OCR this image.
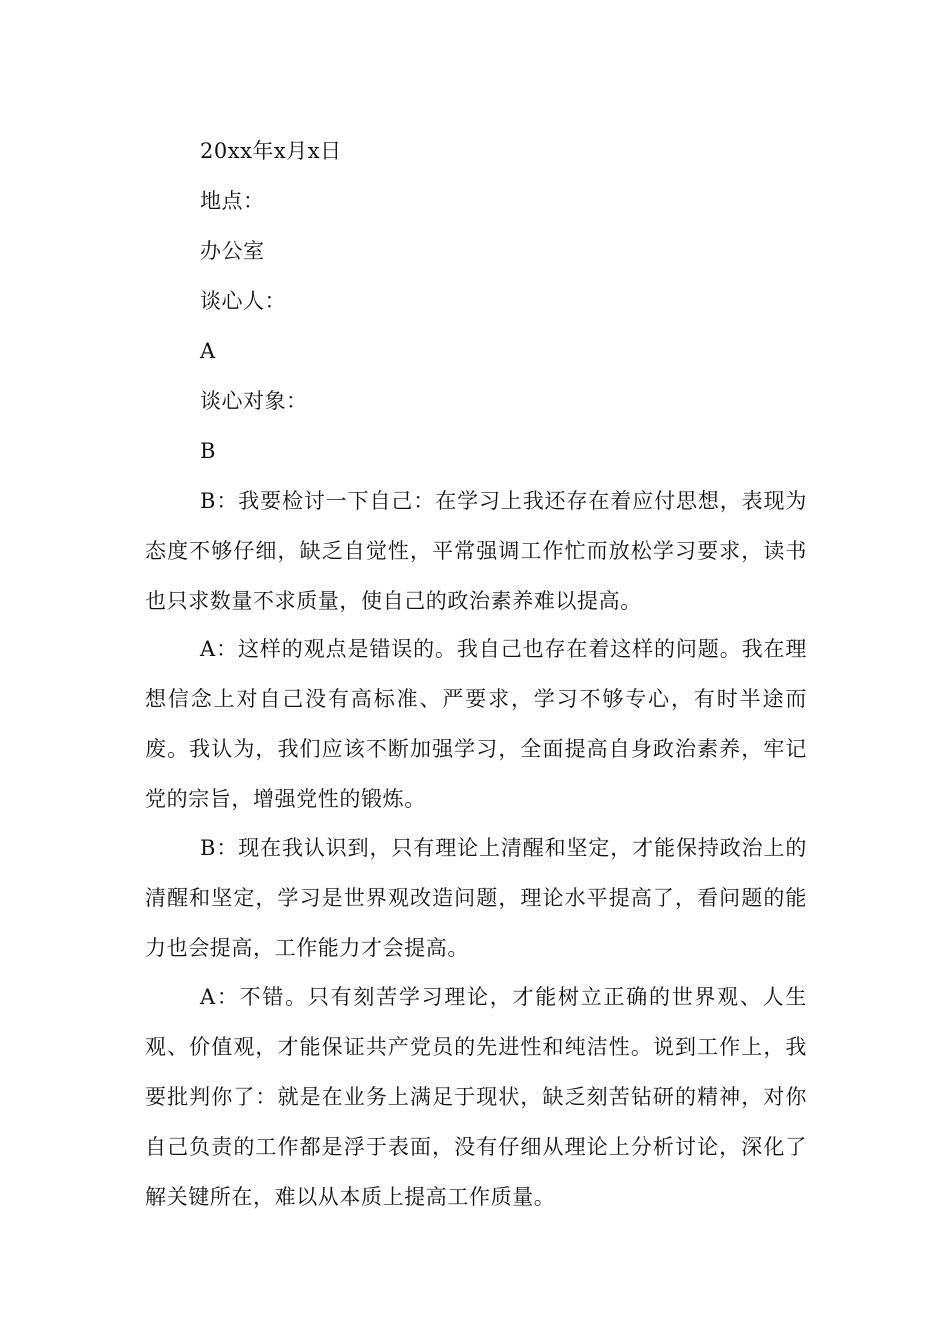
20xx年x月x日
地点：
办公室
谈心人：
A
谈心对象：
B

B：我要检讨一下自己：在学习上我还存在着应付思想，表现为态度不够仔细，缺乏自觉性，平常强调工作忙而放松学习要求，读书也只求数量不求质量，使自己的政治素养难以提高。

A：这样的观点是错误的。我自己也存在着这样的问题。我在理想信念上对自己没有高标准、严要求，学习不够专心，有时半途而废。我认为，我们应该不断加强学习，全面提高自身政治素养，牢记党的宗旨，增强党性的锻炼。

B：现在我认识到，只有理论上清醒和坚定，才能保持政治上的清醒和坚定，学习是世界观改造问题，理论水平提高了，看问题的能力也会提高，工作能力才会提高。

A：不错。只有刻苦学习理论，才能树立正确的世界观、人生观、价值观，才能保证共产党员的先进性和纯洁性。说到工作上，我要批判你了：就是在业务上满足于现状，缺乏刻苦钻研的精神，对你自己负责的工作都是浮于表面，没有仔细从理论上分析讨论，深化了解关键所在，难以从本质上提高工作质量。
